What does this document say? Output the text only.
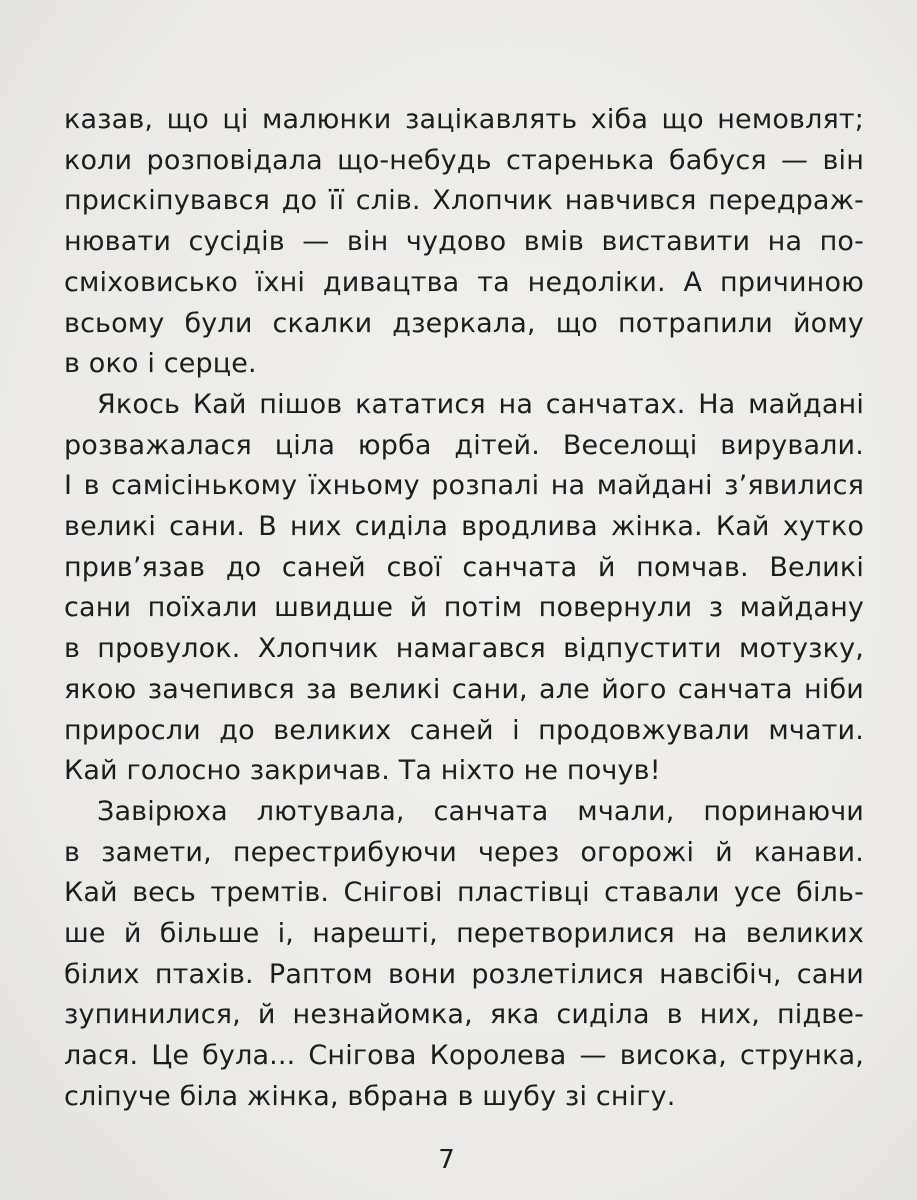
казав, що ці малюнки зацікавлять хіба що немовлят;
коли розповідала що-небудь старенька бабуся — він
прискіпувався до її слів. Хлопчик навчився передраж-
нювати сусідів — він чудово вмів виставити на по-
сміховисько їхні дивацтва та недоліки. А причиною
всьому були скалки дзеркала, що потрапили йому
в око і серце.

Якось Кай пішов кататися на санчатах. На майдані
розважалася ціла юрба дітей. Веселощі вирували.
І в самісінькому їхньому розпалі на майдані з’явилися
великі сани. В них сиділа вродлива жінка. Кай хутко
прив’язав до саней свої санчата й помчав. Великі
сани поїхали швидше й потім повернули з майдану
в провулок. Хлопчик намагався відпустити мотузку,
якою зачепився за великі сани, але його санчата ніби
приросли до великих саней і продовжували мчати.
Кай голосно закричав. Та ніхто не почув!

Завірюха лютувала, санчата мчали, поринаючи
в замети, перестрибуючи через огорожі й канави.
Кай весь тремтів. Снігові пластівці ставали усе біль-
ше й більше і, нарешті, перетворилися на великих
білих птахів. Раптом вони розлетілися навсібіч, сани
зупинилися, й незнайомка, яка сиділа в них, підве-
лася. Це була... Снігова Королева — висока, струнка,
сліпуче біла жінка, вбрана в шубу зі снігу.

7
